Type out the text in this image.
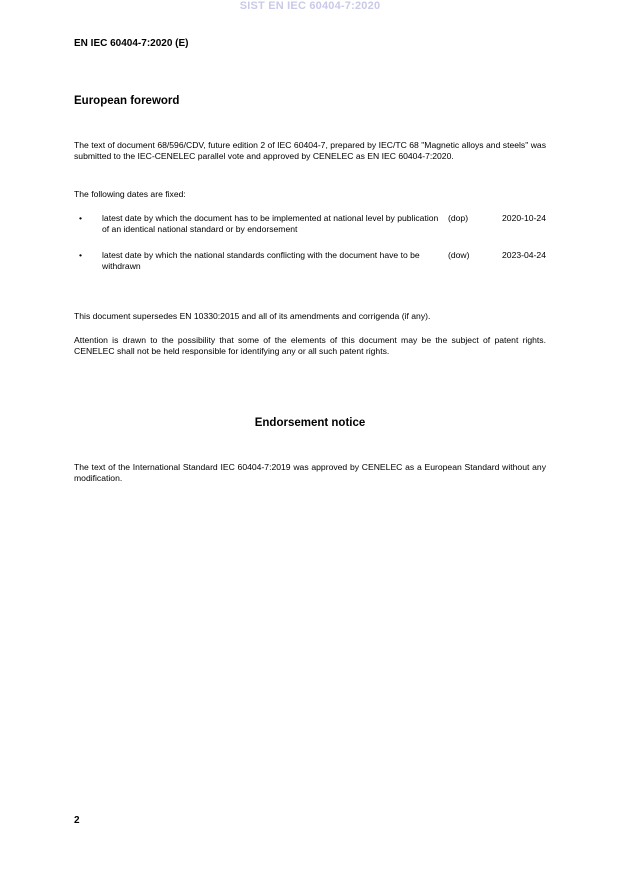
SIST EN IEC 60404-7:2020
EN IEC 60404-7:2020 (E)
European foreword
The text of document 68/596/CDV, future edition 2 of IEC 60404-7, prepared by IEC/TC 68 "Magnetic alloys and steels" was submitted to the IEC-CENELEC parallel vote and approved by CENELEC as EN IEC 60404-7:2020.
The following dates are fixed:
• latest date by which the document has to be implemented at national level by publication of an identical national standard or by endorsement
(dop)	2020-10-24
• latest date by which the national standards conflicting with the document have to be withdrawn
(dow)	2023-04-24
This document supersedes EN 10330:2015 and all of its amendments and corrigenda (if any).
Attention is drawn to the possibility that some of the elements of this document may be the subject of patent rights. CENELEC shall not be held responsible for identifying any or all such patent rights.
Endorsement notice
The text of the International Standard IEC 60404-7:2019 was approved by CENELEC as a European Standard without any modification.
2
